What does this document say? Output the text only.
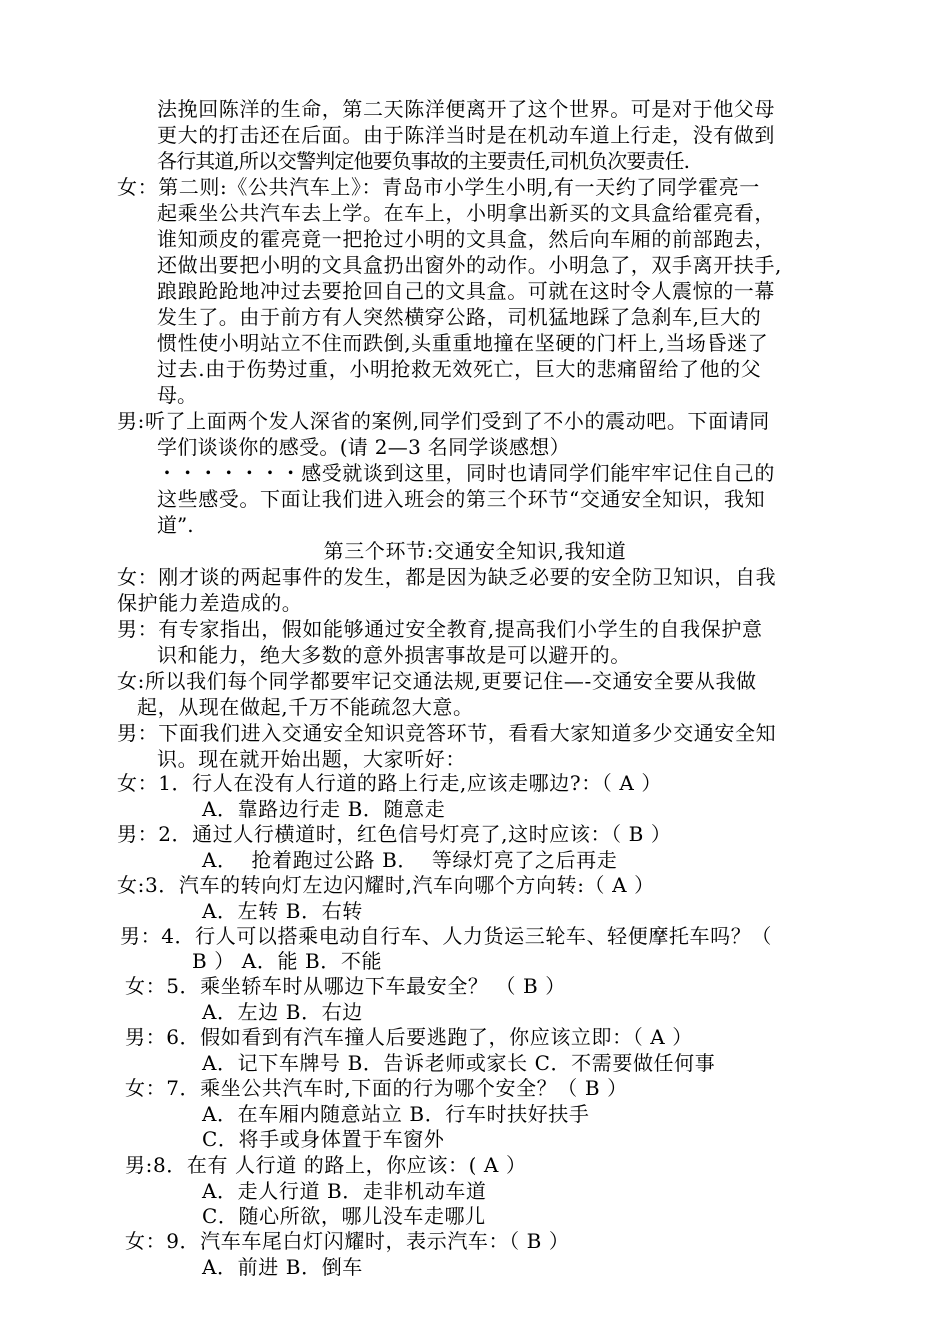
法挽回陈洋的生命，第二天陈洋便离开了这个世界。可是对于他父母
更大的打击还在后面。由于陈洋当时是在机动车道上行走，没有做到
各行其道,所以交警判定他要负事故的主要责任,司机负次要责任.
女：第二则:《公共汽车上》：青岛市小学生小明,有一天约了同学霍亮一
起乘坐公共汽车去上学。在车上，小明拿出新买的文具盒给霍亮看，
谁知顽皮的霍亮竟一把抢过小明的文具盒，然后向车厢的前部跑去，
还做出要把小明的文具盒扔出窗外的动作。小明急了，双手离开扶手,
踉踉跄跄地冲过去要抢回自己的文具盒。可就在这时令人震惊的一幕
发生了。由于前方有人突然横穿公路，司机猛地踩了急刹车,巨大的
惯性使小明站立不住而跌倒,头重重地撞在坚硬的门杆上,当场昏迷了
过去.由于伤势过重，小明抢救无效死亡，巨大的悲痛留给了他的父
母。
男:听了上面两个发人深省的案例,同学们受到了不小的震动吧。下面请同
学们谈谈你的感受。(请 2—3 名同学谈感想）
・・・・・・・感受就谈到这里，同时也请同学们能牢牢记住自己的
这些感受。下面让我们进入班会的第三个环节“交通安全知识，我知
道”.
第三个环节:交通安全知识,我知道
女：刚才谈的两起事件的发生，都是因为缺乏必要的安全防卫知识，自我
保护能力差造成的。
男：有专家指出，假如能够通过安全教育,提高我们小学生的自我保护意
识和能力，绝大多数的意外损害事故是可以避开的。
女:所以我们每个同学都要牢记交通法规,更要记住—-交通安全要从我做
起，从现在做起,千万不能疏忽大意。
男：下面我们进入交通安全知识竞答环节，看看大家知道多少交通安全知
识。现在就开始出题，大家听好：
女：1．行人在没有人行道的路上行走,应该走哪边?：（ A ）
A．靠路边行走 B．随意走
男：2．通过人行横道时，红色信号灯亮了,这时应该：（ B ）
A．  抢着跑过公路 B．  等绿灯亮了之后再走
女:3．汽车的转向灯左边闪耀时,汽车向哪个方向转:（ A ）
A．左转 B．右转
男：4．行人可以搭乘电动自行车、人力货运三轮车、轻便摩托车吗？（
B ） A．能 B．不能
女：5．乘坐轿车时从哪边下车最安全？ （ B ）
A．左边 B．右边
男：6．假如看到有汽车撞人后要逃跑了，你应该立即：（ A ）
A．记下车牌号 B．告诉老师或家长 C．不需要做任何事
女：7．乘坐公共汽车时,下面的行为哪个安全？（ B ）
A．在车厢内随意站立 B．行车时扶好扶手
C．将手或身体置于车窗外
男:8．在有 人行道 的路上，你应该：( A ）
A．走人行道 B．走非机动车道
C．随心所欲，哪儿没车走哪儿
女：9．汽车车尾白灯闪耀时，表示汽车：（ B ）
A．前进 B．倒车
